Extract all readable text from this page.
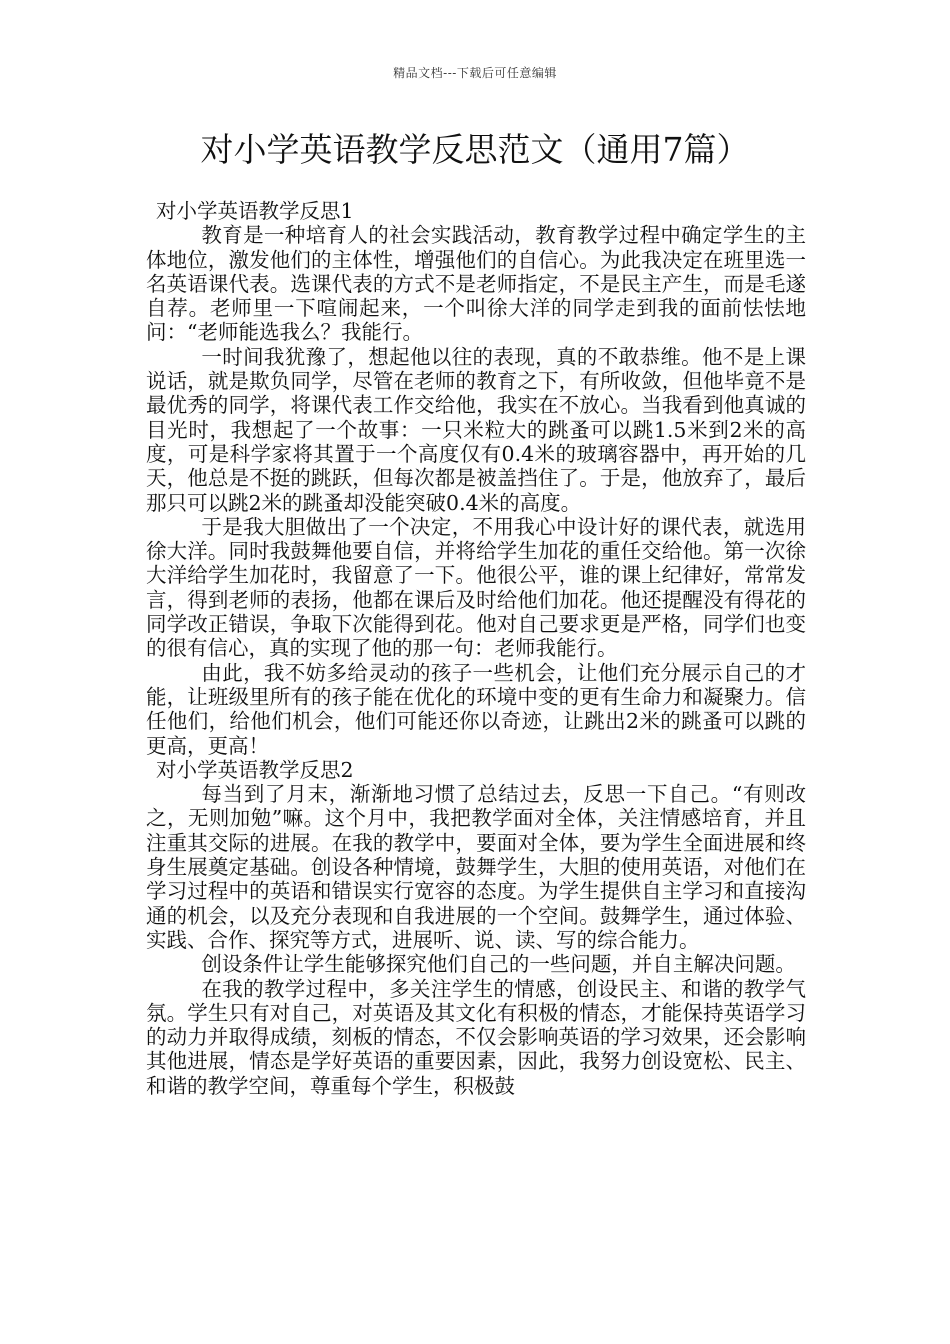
精品文档---下载后可任意编辑
对小学英语教学反思范文（通用7篇）
对小学英语教学反思1

教育是一种培育人的社会实践活动，教育教学过程中确定学生的主体地位，激发他们的主体性，增强他们的自信心。为此我决定在班里选一名英语课代表。选课代表的方式不是老师指定，不是民主产生，而是毛遂自荐。老师里一下喧闹起来，一个叫徐大洋的同学走到我的面前怯怯地问：“老师能选我么？我能行。

一时间我犹豫了，想起他以往的表现，真的不敢恭维。他不是上课说话，就是欺负同学，尽管在老师的教育之下，有所收敛，但他毕竟不是最优秀的同学，将课代表工作交给他，我实在不放心。当我看到他真诚的目光时，我想起了一个故事：一只米粒大的跳蚤可以跳1.5米到2米的高度，可是科学家将其置于一个高度仅有0.4米的玻璃容器中，再开始的几天，他总是不挺的跳跃，但每次都是被盖挡住了。于是，他放弃了，最后那只可以跳2米的跳蚤却没能突破0.4米的高度。

于是我大胆做出了一个决定，不用我心中设计好的课代表，就选用徐大洋。同时我鼓舞他要自信，并将给学生加花的重任交给他。第一次徐大洋给学生加花时，我留意了一下。他很公平，谁的课上纪律好，常常发言，得到老师的表扬，他都在课后及时给他们加花。他还提醒没有得花的同学改正错误，争取下次能得到花。他对自己要求更是严格，同学们也变的很有信心，真的实现了他的那一句：老师我能行。

由此，我不妨多给灵动的孩子一些机会，让他们充分展示自己的才能，让班级里所有的孩子能在优化的环境中变的更有生命力和凝聚力。信任他们，给他们机会，他们可能还你以奇迹，让跳出2米的跳蚤可以跳的更高，更高！

对小学英语教学反思2

每当到了月末，渐渐地习惯了总结过去，反思一下自己。“有则改之，无则加勉”嘛。这个月中，我把教学面对全体，关注情感培育，并且注重其交际的进展。在我的教学中，要面对全体，要为学生全面进展和终身生展奠定基础。创设各种情境，鼓舞学生，大胆的使用英语，对他们在学习过程中的英语和错误实行宽容的态度。为学生提供自主学习和直接沟通的机会，以及充分表现和自我进展的一个空间。鼓舞学生，通过体验、实践、合作、探究等方式，进展听、说、读、写的综合能力。

创设条件让学生能够探究他们自己的一些问题，并自主解决问题。

在我的教学过程中，多关注学生的情感，创设民主、和谐的教学气氛。学生只有对自己，对英语及其文化有积极的情态，才能保持英语学习的动力并取得成绩，刻板的情态，不仅会影响英语的学习效果，还会影响其他进展，情态是学好英语的重要因素，因此，我努力创设宽松、民主、和谐的教学空间，尊重每个学生，积极鼓
